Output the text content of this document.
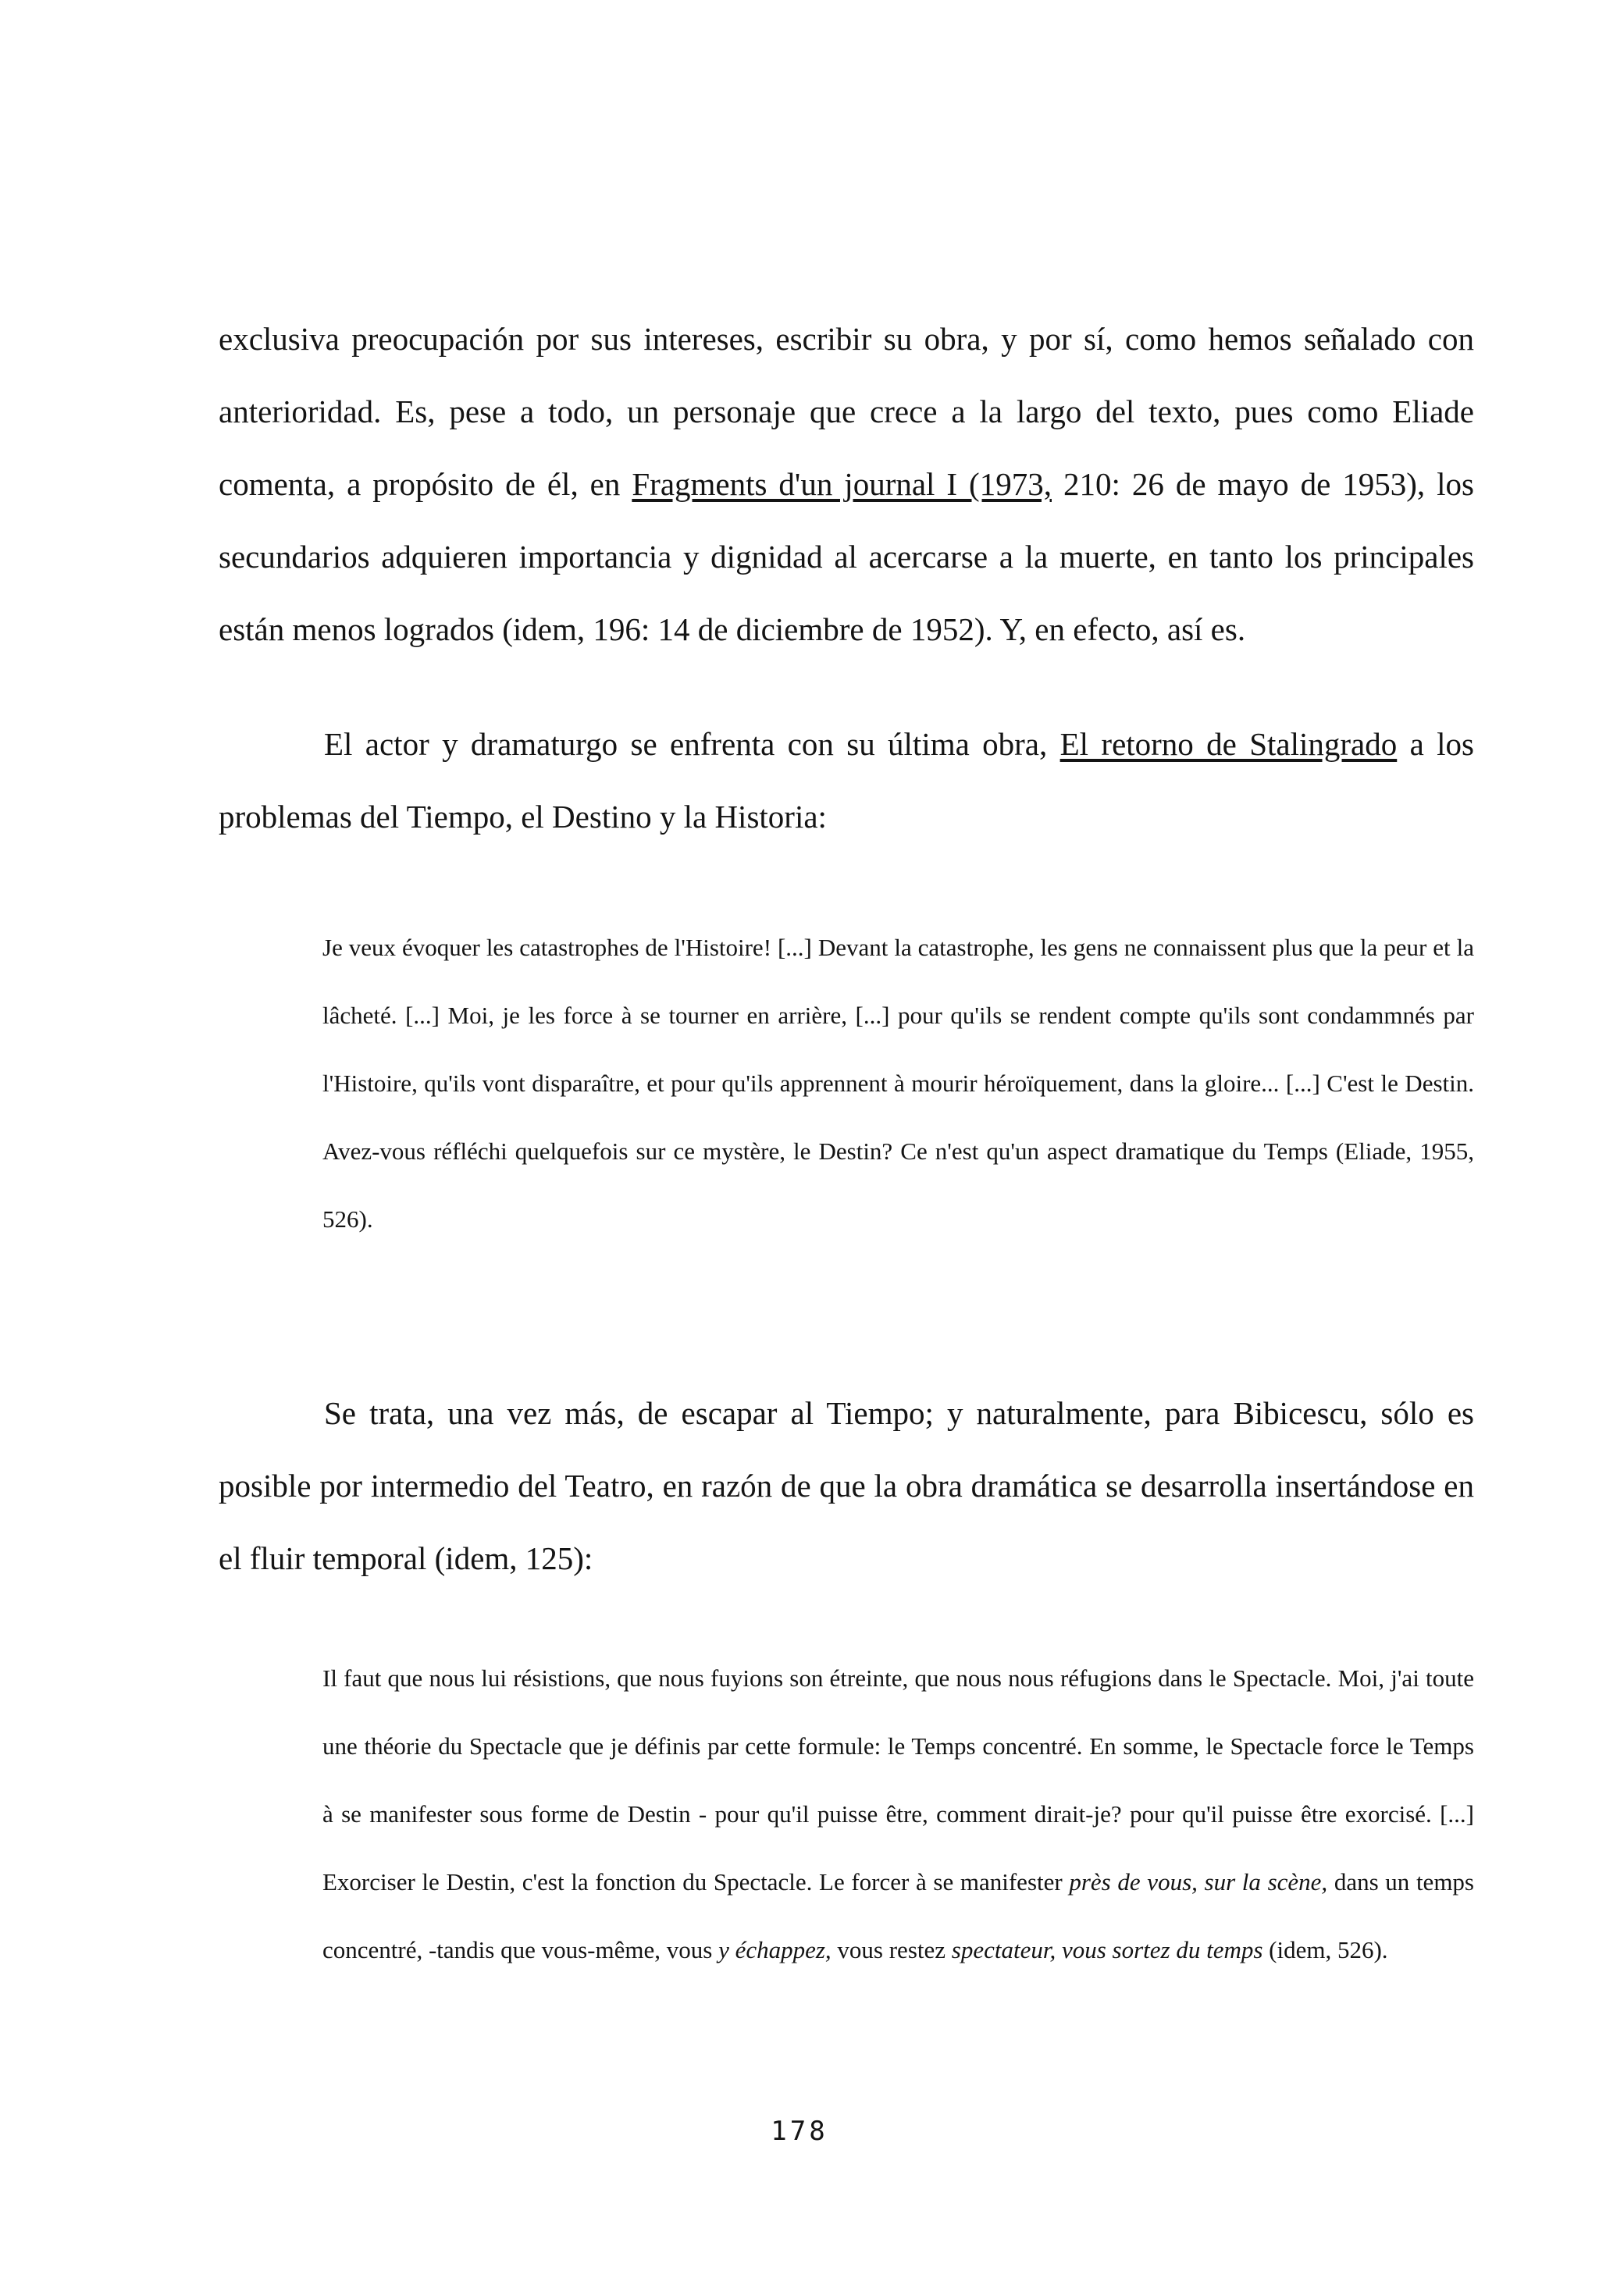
exclusiva preocupación por sus intereses, escribir su obra, y por sí, como hemos señalado con anterioridad. Es, pese a todo, un personaje que crece a la largo del texto, pues como Eliade comenta, a propósito de él, en Fragments d'un journal I (1973, 210: 26 de mayo de 1953), los secundarios adquieren importancia y dignidad al acercarse a la muerte, en tanto los principales están menos logrados (idem, 196: 14 de diciembre de 1952). Y, en efecto, así es.

El actor y dramaturgo se enfrenta con su última obra, El retorno de Stalingrado a los problemas del Tiempo, el Destino y la Historia:

Je veux évoquer les catastrophes de l'Histoire! [...] Devant la catastrophe, les gens ne connaissent plus que la peur et la lâcheté. [...] Moi, je les force à se tourner en arrière, [...] pour qu'ils se rendent compte qu'ils sont condammnés par l'Histoire, qu'ils vont disparaître, et pour qu'ils apprennent à mourir héroïquement, dans la gloire... [...] C'est le Destin. Avez-vous réfléchi quelquefois sur ce mystère, le Destin? Ce n'est qu'un aspect dramatique du Temps (Eliade, 1955, 526).

Se trata, una vez más, de escapar al Tiempo; y naturalmente, para Bibicescu, sólo es posible por intermedio del Teatro, en razón de que la obra dramática se desarrolla insertándose en el fluir temporal (idem, 125):

Il faut que nous lui résistions, que nous fuyions son étreinte, que nous nous réfugions dans le Spectacle. Moi, j'ai toute une théorie du Spectacle que je définis par cette formule: le Temps concentré. En somme, le Spectacle force le Temps à se manifester sous forme de Destin - pour qu'il puisse être, comment dirait-je? pour qu'il puisse être exorcisé. [...] Exorciser le Destin, c'est la fonction du Spectacle. Le forcer à se manifester près de vous, sur la scène, dans un temps concentré, -tandis que vous-même, vous y échappez, vous restez spectateur, vous sortez du temps (idem, 526).

178
